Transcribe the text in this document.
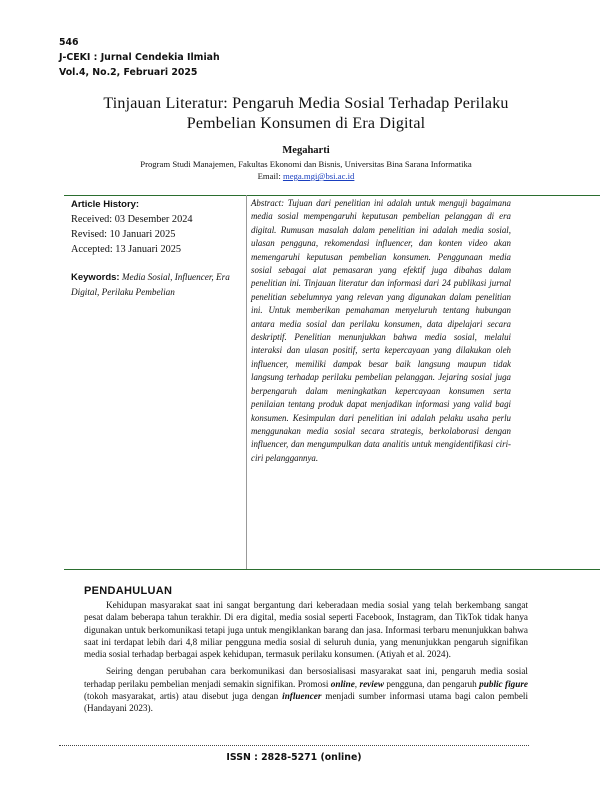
546
J-CEKI : Jurnal Cendekia Ilmiah
Vol.4, No.2, Februari 2025
Tinjauan Literatur: Pengaruh Media Sosial Terhadap Perilaku
Pembelian Konsumen di Era Digital
Megaharti
Program Studi Manajemen, Fakultas Ekonomi dan Bisnis, Universitas Bina Sarana Informatika
Email: mega.mgi@bsi.ac.id
Article History:
Received: 03 Desember 2024
Revised: 10 Januari 2025
Accepted: 13 Januari 2025
Keywords: Media Sosial, Influencer, Era Digital, Perilaku Pembelian
Abstract: Tujuan dari penelitian ini adalah untuk menguji bagaimana media sosial mempengaruhi keputusan pembelian pelanggan di era digital. Rumusan masalah dalam penelitian ini adalah media sosial, ulasan pengguna, rekomendasi influencer, dan konten video akan memengaruhi keputusan pembelian konsumen. Penggunaan media sosial sebagai alat pemasaran yang efektif juga dibahas dalam penelitian ini. Tinjauan literatur dan informasi dari 24 publikasi jurnal penelitian sebelumnya yang relevan yang digunakan dalam penelitian ini. Untuk memberikan pemahaman menyeluruh tentang hubungan antara media sosial dan perilaku konsumen, data dipelajari secara deskriptif. Penelitian menunjukkan bahwa media sosial, melalui interaksi dan ulasan positif, serta kepercayaan yang dilakukan oleh influencer, memiliki dampak besar baik langsung maupun tidak langsung terhadap perilaku pembelian pelanggan. Jejaring sosial juga berpengaruh dalam meningkatkan kepercayaan konsumen serta penilaian tentang produk dapat menjadikan informasi yang valid bagi konsumen. Kesimpulan dari penelitian ini adalah pelaku usaha perlu menggunakan media sosial secara strategis, berkolaborasi dengan influencer, dan mengumpulkan data analitis untuk mengidentifikasi ciri-ciri pelanggannya.
PENDAHULUAN

Kehidupan masyarakat saat ini sangat bergantung dari keberadaan media sosial yang telah berkembang sangat pesat dalam beberapa tahun terakhir. Di era digital, media sosial seperti Facebook, Instagram, dan TikTok tidak hanya digunakan untuk berkomunikasi tetapi juga untuk mengiklankan barang dan jasa. Informasi terbaru menunjukkan bahwa saat ini terdapat lebih dari 4,8 miliar pengguna media sosial di seluruh dunia, yang menunjukkan pengaruh signifikan media sosial terhadap berbagai aspek kehidupan, termasuk perilaku konsumen. (Atiyah et al. 2024).

Seiring dengan perubahan cara berkomunikasi dan bersosialisasi masyarakat saat ini, pengaruh media sosial terhadap perilaku pembelian menjadi semakin signifikan. Promosi online, review pengguna, dan pengaruh public figure (tokoh masyarakat, artis) atau disebut juga dengan influencer menjadi sumber informasi utama bagi calon pembeli (Handayani 2023).

ISSN : 2828-5271 (online)
